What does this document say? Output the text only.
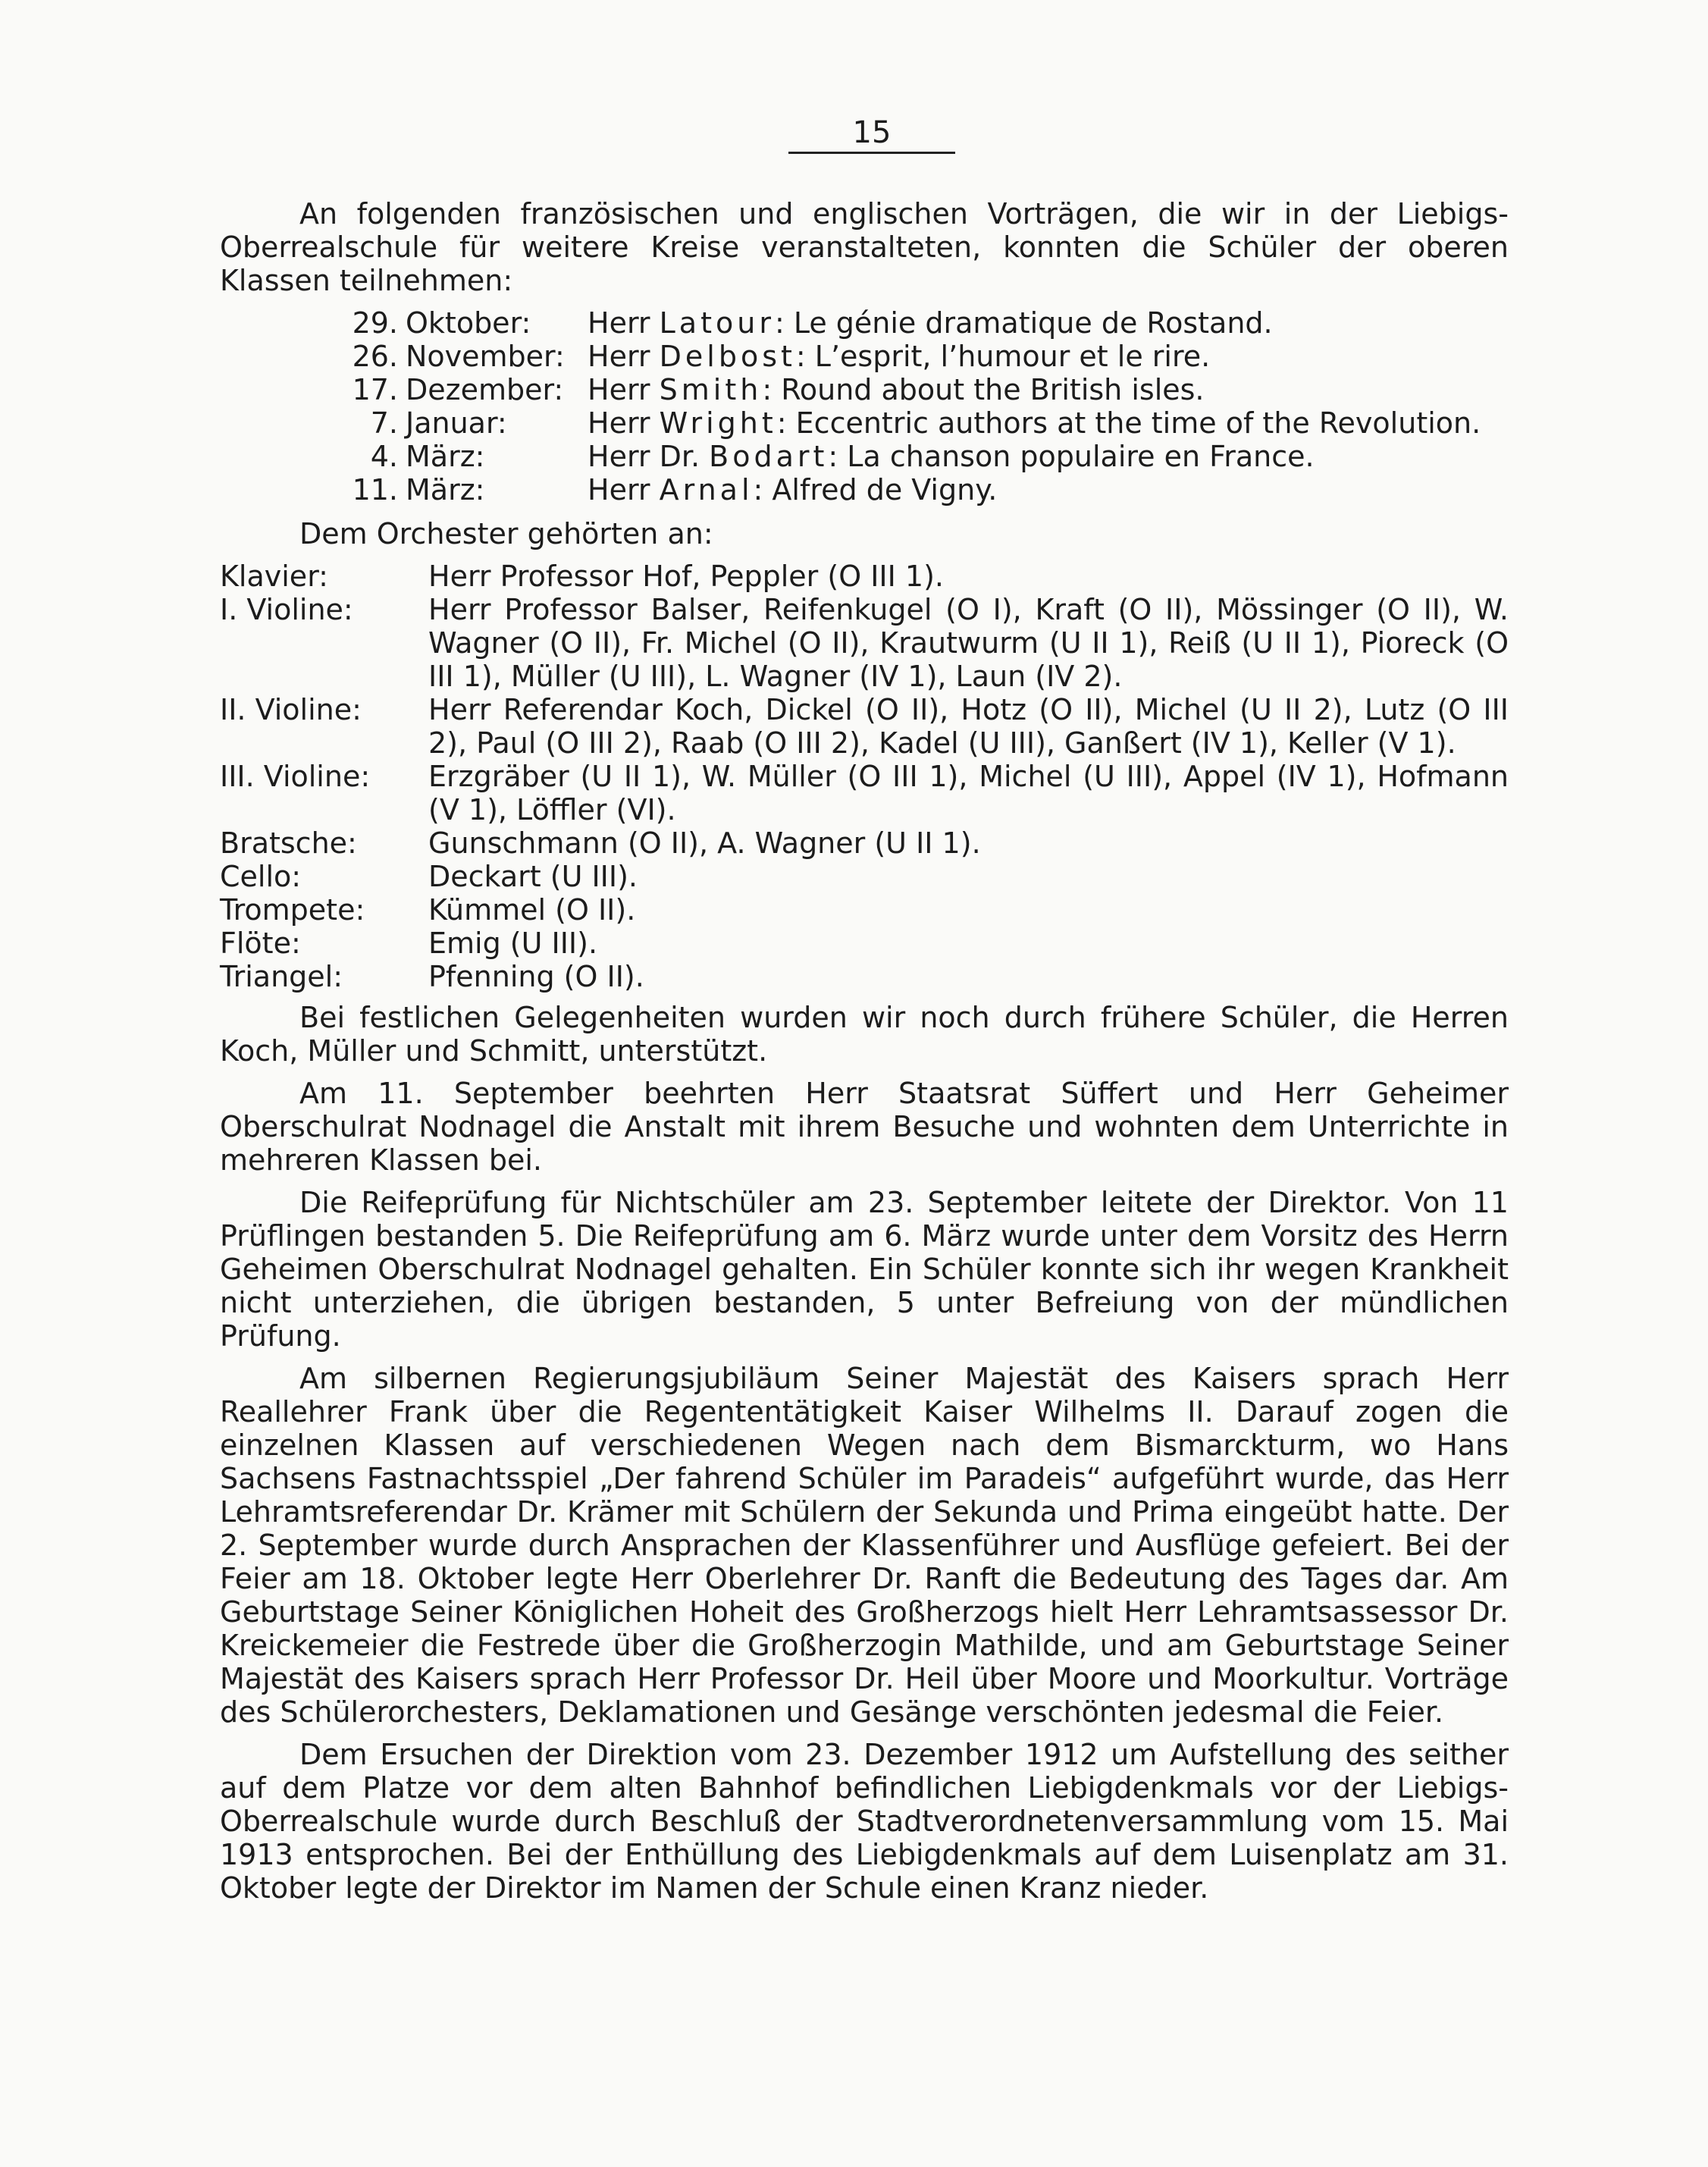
15

An folgenden französischen und englischen Vorträgen, die wir in der Liebigs-Oberrealschule für weitere Kreise veranstalteten, konnten die Schüler der oberen Klassen teilnehmen:

29. Oktober:	Herr Latour: Le génie dramatique de Rostand.
26. November: Herr Delbost: L’esprit, l’humour et le rire.
17. Dezember: Herr Smith: Round about the British isles.
7. Januar:	Herr Wright: Eccentric authors at the time of the Revolution.
4. März:	Herr Dr. Bodart: La chanson populaire en France.
11. März:	Herr Arnal: Alfred de Vigny.

Dem Orchester gehörten an:

Klavier:	Herr Professor Hof, Peppler (O III 1).
I. Violine:	Herr Professor Balser, Reifenkugel (O I), Kraft (O II), Mössinger (O II), W. Wagner (O II), Fr. Michel (O II), Krautwurm (U II 1), Reiß (U II 1), Pioreck (O III 1), Müller (U III), L. Wagner (IV 1), Laun (IV 2).
II. Violine:	Herr Referendar Koch, Dickel (O II), Hotz (O II), Michel (U II 2), Lutz (O III 2), Paul (O III 2), Raab (O III 2), Kadel (U III), Ganßert (IV 1), Keller (V 1).
III. Violine:	Erzgräber (U II 1), W. Müller (O III 1), Michel (U III), Appel (IV 1), Hofmann (V 1), Löffler (VI).
Bratsche:	Gunschmann (O II), A. Wagner (U II 1).
Cello:	Deckart (U III).
Trompete:	Kümmel (O II).
Flöte:	Emig (U III).
Triangel:	Pfenning (O II).

Bei festlichen Gelegenheiten wurden wir noch durch frühere Schüler, die Herren Koch, Müller und Schmitt, unterstützt.

Am 11. September beehrten Herr Staatsrat Süffert und Herr Geheimer Oberschulrat Nodnagel die Anstalt mit ihrem Besuche und wohnten dem Unterrichte in mehreren Klassen bei.

Die Reifeprüfung für Nichtschüler am 23. September leitete der Direktor. Von 11 Prüflingen bestanden 5. Die Reifeprüfung am 6. März wurde unter dem Vorsitz des Herrn Geheimen Oberschulrat Nodnagel gehalten. Ein Schüler konnte sich ihr wegen Krankheit nicht unterziehen, die übrigen bestanden, 5 unter Befreiung von der mündlichen Prüfung.

Am silbernen Regierungsjubiläum Seiner Majestät des Kaisers sprach Herr Reallehrer Frank über die Regententätigkeit Kaiser Wilhelms II. Darauf zogen die einzelnen Klassen auf verschiedenen Wegen nach dem Bismarckturm, wo Hans Sachsens Fastnachtsspiel „Der fahrend Schüler im Paradeis“ aufgeführt wurde, das Herr Lehramtsreferendar Dr. Krämer mit Schülern der Sekunda und Prima eingeübt hatte. Der 2. September wurde durch Ansprachen der Klassenführer und Ausflüge gefeiert. Bei der Feier am 18. Oktober legte Herr Oberlehrer Dr. Ranft die Bedeutung des Tages dar. Am Geburtstage Seiner Königlichen Hoheit des Großherzogs hielt Herr Lehramtsassessor Dr. Kreickemeier die Festrede über die Großherzogin Mathilde, und am Geburtstage Seiner Majestät des Kaisers sprach Herr Professor Dr. Heil über Moore und Moorkultur. Vorträge des Schülerorchesters, Deklamationen und Gesänge verschönten jedesmal die Feier.

Dem Ersuchen der Direktion vom 23. Dezember 1912 um Aufstellung des seither auf dem Platze vor dem alten Bahnhof befindlichen Liebigdenkmals vor der Liebigs-Oberrealschule wurde durch Beschluß der Stadtverordnetenversammlung vom 15. Mai 1913 entsprochen. Bei der Enthüllung des Liebigdenkmals auf dem Luisenplatz am 31. Oktober legte der Direktor im Namen der Schule einen Kranz nieder.
